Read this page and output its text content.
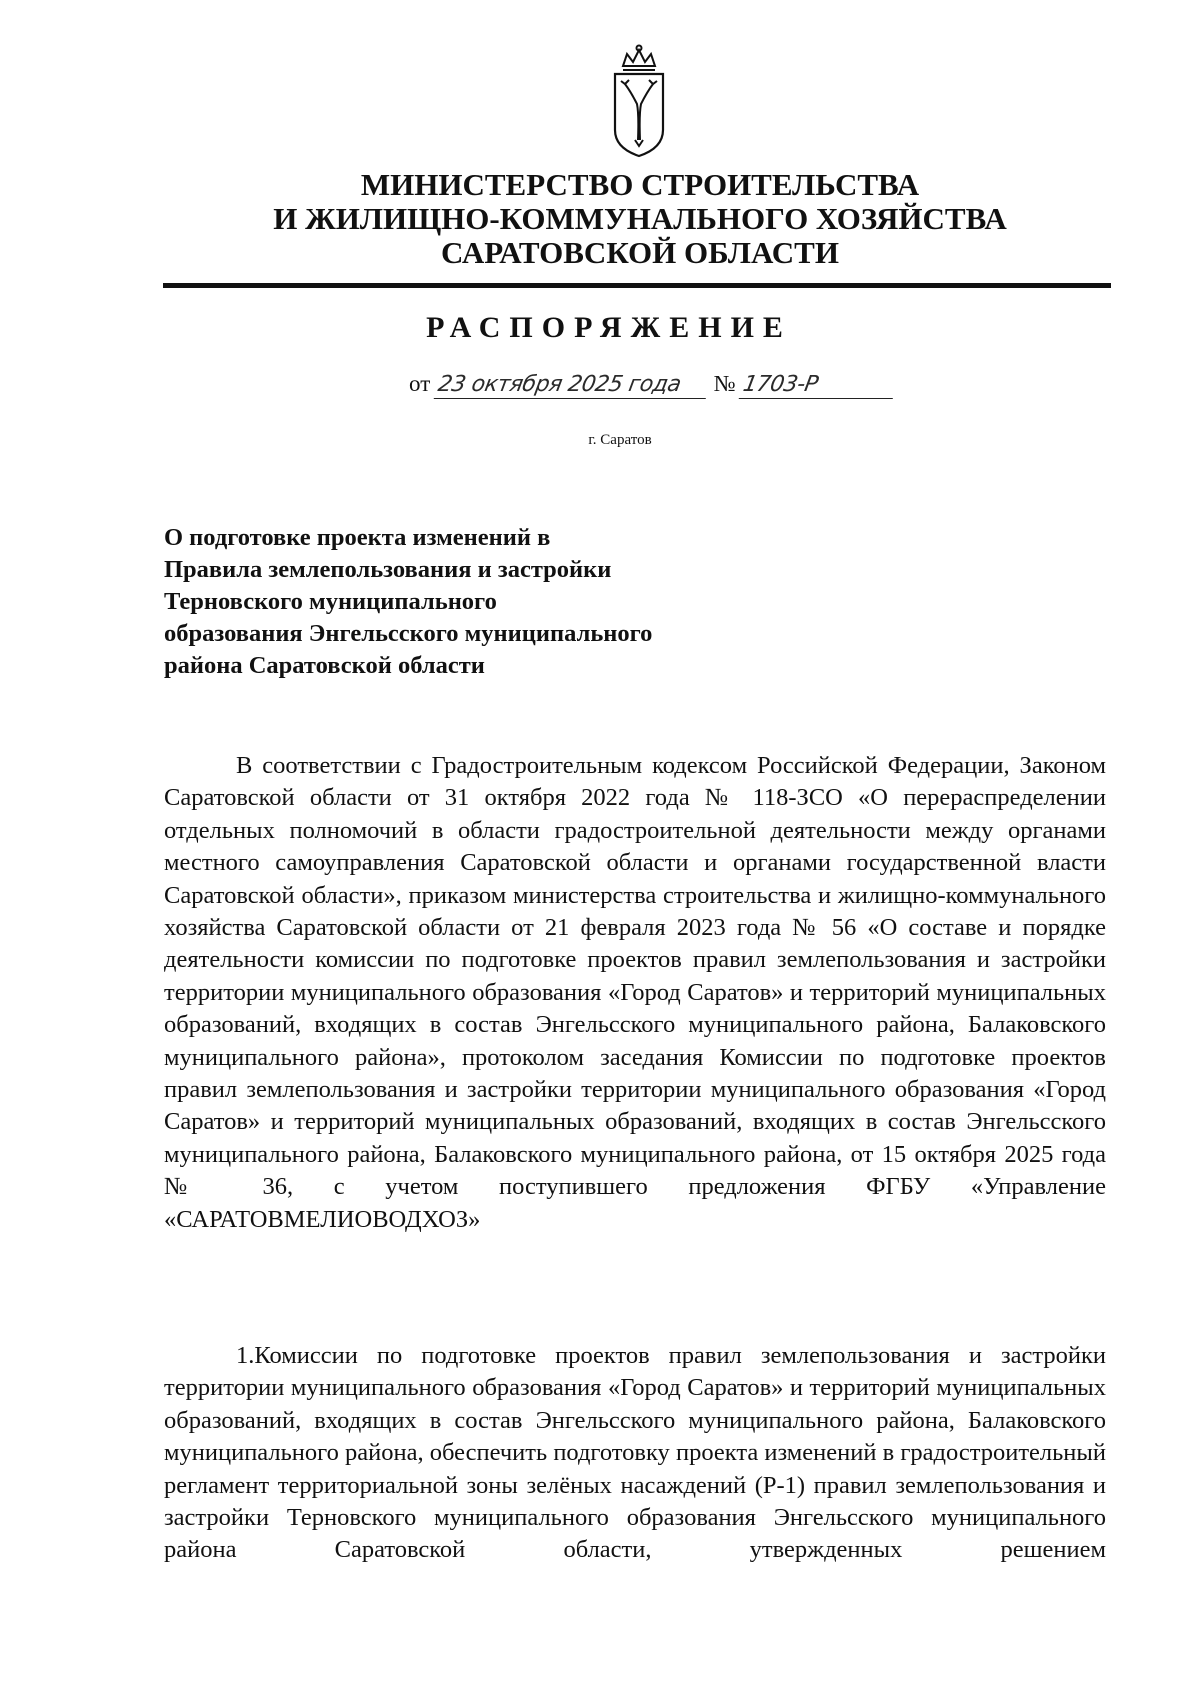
МИНИСТЕРСТВО СТРОИТЕЛЬСТВА
И ЖИЛИЩНО-КОММУНАЛЬНОГО ХОЗЯЙСТВА
САРАТОВСКОЙ ОБЛАСТИ
РАСПОРЯЖЕНИЕ
от 23 октября 2025 года № 1703-Р
г. Саратов
О подготовке проекта изменений в
Правила землепользования и застройки
Терновского муниципального
образования Энгельсского муниципального
района Саратовской области
В соответствии с Градостроительным кодексом Российской Федерации, Законом Саратовской области от 31 октября 2022 года № 118-ЗСО «О перераспределении отдельных полномочий в области градостроительной деятельности между органами местного самоуправления Саратовской области и органами государственной власти Саратовской области», приказом министерства строительства и жилищно-коммунального хозяйства Саратовской области от 21 февраля 2023 года № 56 «О составе и порядке деятельности комиссии по подготовке проектов правил землепользования и застройки территории муниципального образования «Город Саратов» и территорий муниципальных образований, входящих в состав Энгельсского муниципального района, Балаковского муниципального района», протоколом заседания Комиссии по подготовке проектов правил землепользования и застройки территории муниципального образования «Город Саратов» и территорий муниципальных образований, входящих в состав Энгельсского муниципального района, Балаковского муниципального района, от 15 октября 2025 года № 36, с учетом поступившего предложения ФГБУ «Управление «САРАТОВМЕЛИОВОДХОЗ»
1.Комиссии по подготовке проектов правил землепользования и застройки территории муниципального образования «Город Саратов» и территорий муниципальных образований, входящих в состав Энгельсского муниципального района, Балаковского муниципального района, обеспечить подготовку проекта изменений в градостроительный регламент территориальной зоны зелёных насаждений (Р-1) правил землепользования и застройки Терновского муниципального образования Энгельсского муниципального района Саратовской области, утвержденных решением
